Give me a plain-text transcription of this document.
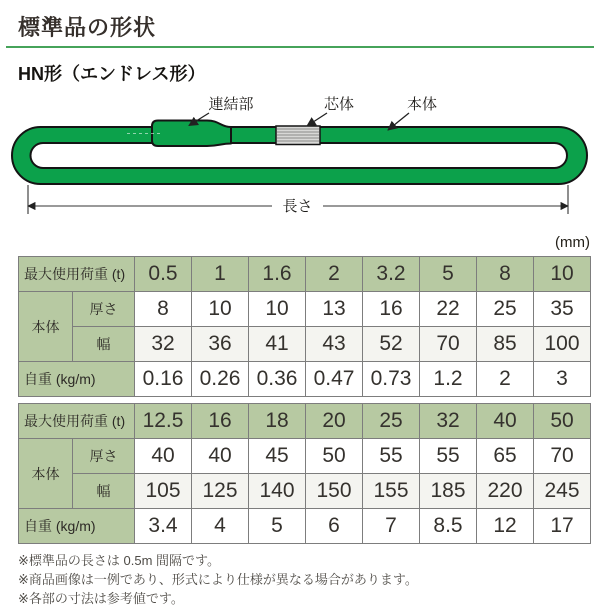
標準品の形状
HN形（エンドレス形）
連結部	芯体	本体
長さ
(mm)
最大使用荷重 (t)		0.5	1	1.6	2	3.2	5	8	10
本体	厚さ	8	10	10	13	16	22	25	35
	幅	32	36	41	43	52	70	85	100
自重 (kg/m)		0.16	0.26	0.36	0.47	0.73	1.2	2	3
最大使用荷重 (t)		12.5	16	18	20	25	32	40	50
本体	厚さ	40	40	45	50	55	55	65	70
	幅	105	125	140	150	155	185	220	245
自重 (kg/m)		3.4	4	5	6	7	8.5	12	17
※標準品の長さは 0.5m 間隔です。
※商品画像は一例であり、形式により仕様が異なる場合があります。
※各部の寸法は参考値です。
